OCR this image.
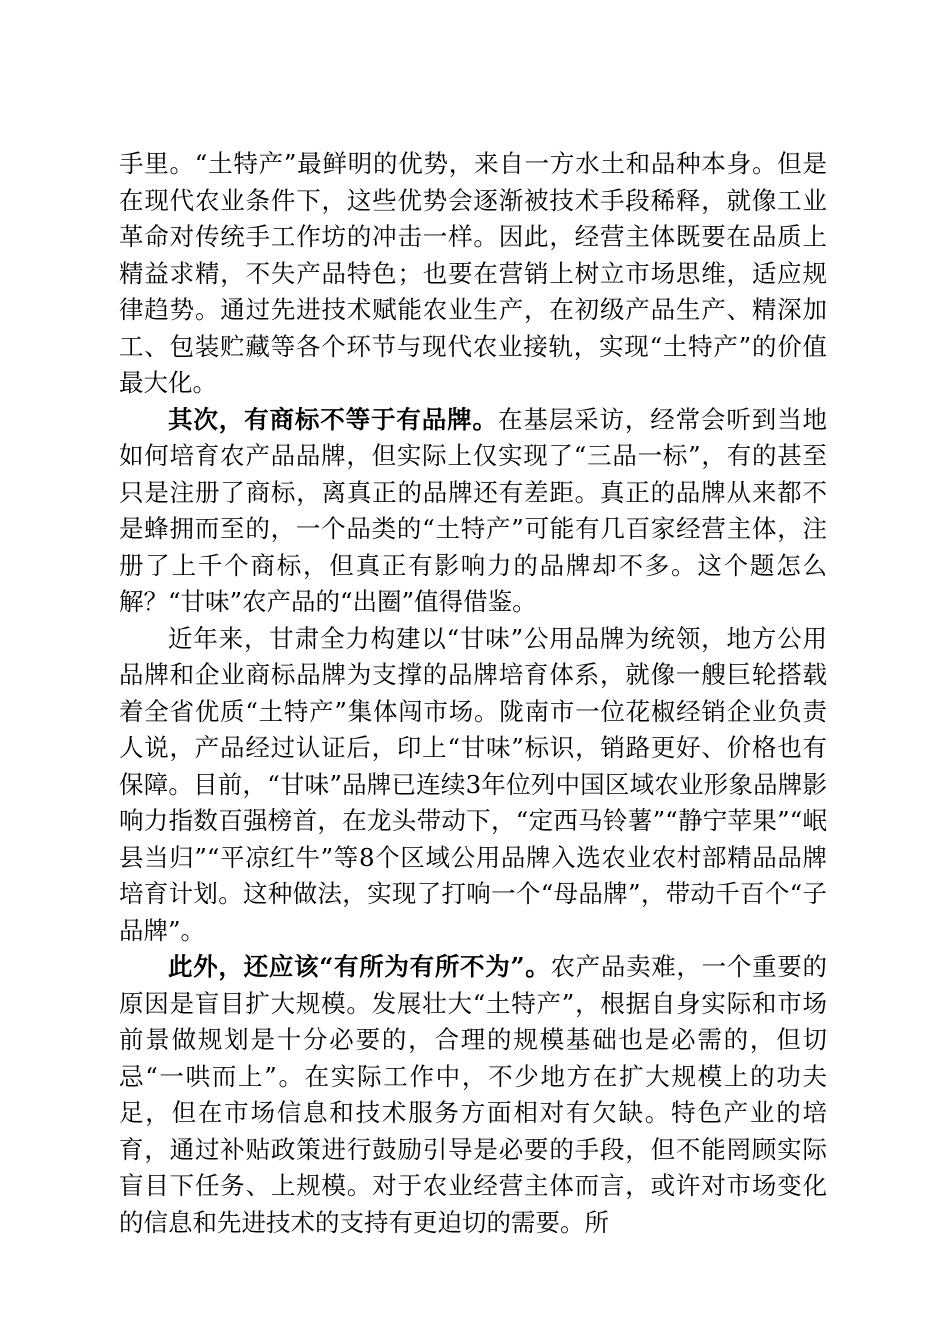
手里。“土特产”最鲜明的优势，来自一方水土和品种本身。但是在现代农业条件下，这些优势会逐渐被技术手段稀释，就像工业革命对传统手工作坊的冲击一样。因此，经营主体既要在品质上精益求精，不失产品特色；也要在营销上树立市场思维，适应规律趋势。通过先进技术赋能农业生产，在初级产品生产、精深加工、包装贮藏等各个环节与现代农业接轨，实现“土特产”的价值最大化。

其次，有商标不等于有品牌。在基层采访，经常会听到当地如何培育农产品品牌，但实际上仅实现了“三品一标”，有的甚至只是注册了商标，离真正的品牌还有差距。真正的品牌从来都不是蜂拥而至的，一个品类的“土特产”可能有几百家经营主体，注册了上千个商标，但真正有影响力的品牌却不多。这个题怎么解？“甘味”农产品的“出圈”值得借鉴。

近年来，甘肃全力构建以“甘味”公用品牌为统领，地方公用品牌和企业商标品牌为支撑的品牌培育体系，就像一艘巨轮搭载着全省优质“土特产”集体闯市场。陇南市一位花椒经销企业负责人说，产品经过认证后，印上“甘味”标识，销路更好、价格也有保障。目前，“甘味”品牌已连续3年位列中国区域农业形象品牌影响力指数百强榜首，在龙头带动下，“定西马铃薯”“静宁苹果”“岷县当归”“平凉红牛”等8个区域公用品牌入选农业农村部精品品牌培育计划。这种做法，实现了打响一个“母品牌”，带动千百个“子品牌”。

此外，还应该“有所为有所不为”。农产品卖难，一个重要的原因是盲目扩大规模。发展壮大“土特产”，根据自身实际和市场前景做规划是十分必要的，合理的规模基础也是必需的，但切忌“一哄而上”。在实际工作中，不少地方在扩大规模上的功夫足，但在市场信息和技术服务方面相对有欠缺。特色产业的培育，通过补贴政策进行鼓励引导是必要的手段，但不能罔顾实际盲目下任务、上规模。对于农业经营主体而言，或许对市场变化的信息和先进技术的支持有更迫切的需要。所
